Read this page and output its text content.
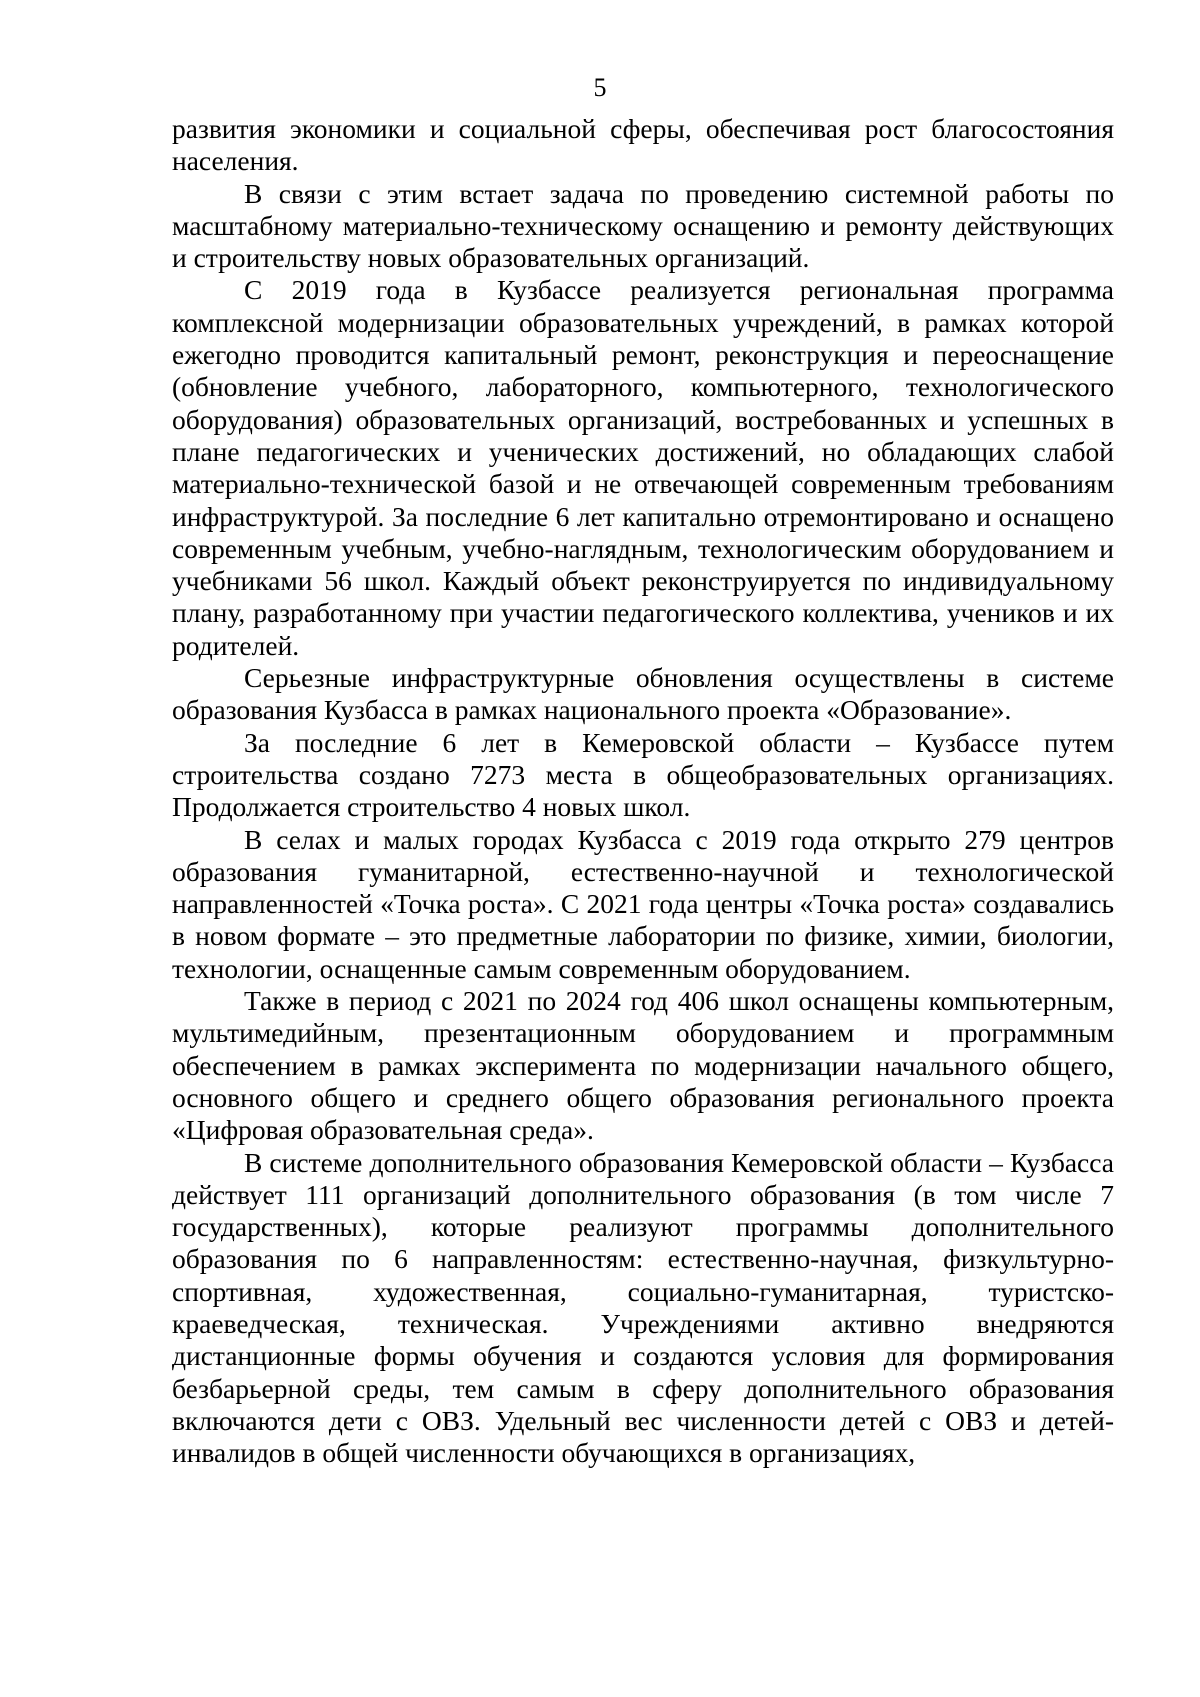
5

развития экономики и социальной сферы, обеспечивая рост благосостояния населения.

В связи с этим встает задача по проведению системной работы по масштабному материально-техническому оснащению и ремонту действующих и строительству новых образовательных организаций.

С 2019 года в Кузбассе реализуется региональная программа комплексной модернизации образовательных учреждений, в рамках которой ежегодно проводится капитальный ремонт, реконструкция и переоснащение (обновление учебного, лабораторного, компьютерного, технологического оборудования) образовательных организаций, востребованных и успешных в плане педагогических и ученических достижений, но обладающих слабой материально-технической базой и не отвечающей современным требованиям инфраструктурой. За последние 6 лет капитально отремонтировано и оснащено современным учебным, учебно-наглядным, технологическим оборудованием и учебниками 56 школ. Каждый объект реконструируется по индивидуальному плану, разработанному при участии педагогического коллектива, учеников и их родителей.

Серьезные инфраструктурные обновления осуществлены в системе образования Кузбасса в рамках национального проекта «Образование».

За последние 6 лет в Кемеровской области – Кузбассе путем строительства создано 7273 места в общеобразовательных организациях. Продолжается строительство 4 новых школ.

В селах и малых городах Кузбасса с 2019 года открыто 279 центров образования гуманитарной, естественно-научной и технологической направленностей «Точка роста». С 2021 года центры «Точка роста» создавались в новом формате – это предметные лаборатории по физике, химии, биологии, технологии, оснащенные самым современным оборудованием.

Также в период с 2021 по 2024 год 406 школ оснащены компьютерным, мультимедийным, презентационным оборудованием и программным обеспечением в рамках эксперимента по модернизации начального общего, основного общего и среднего общего образования регионального проекта «Цифровая образовательная среда».

В системе дополнительного образования Кемеровской области – Кузбасса действует 111 организаций дополнительного образования (в том числе 7 государственных), которые реализуют программы дополнительного образования по 6 направленностям: естественно-научная, физкультурно-спортивная, художественная, социально-гуманитарная, туристско-краеведческая, техническая. Учреждениями активно внедряются дистанционные формы обучения и создаются условия для формирования безбарьерной среды, тем самым в сферу дополнительного образования включаются дети с ОВЗ. Удельный вес численности детей с ОВЗ и детей-инвалидов в общей численности обучающихся в организациях,
